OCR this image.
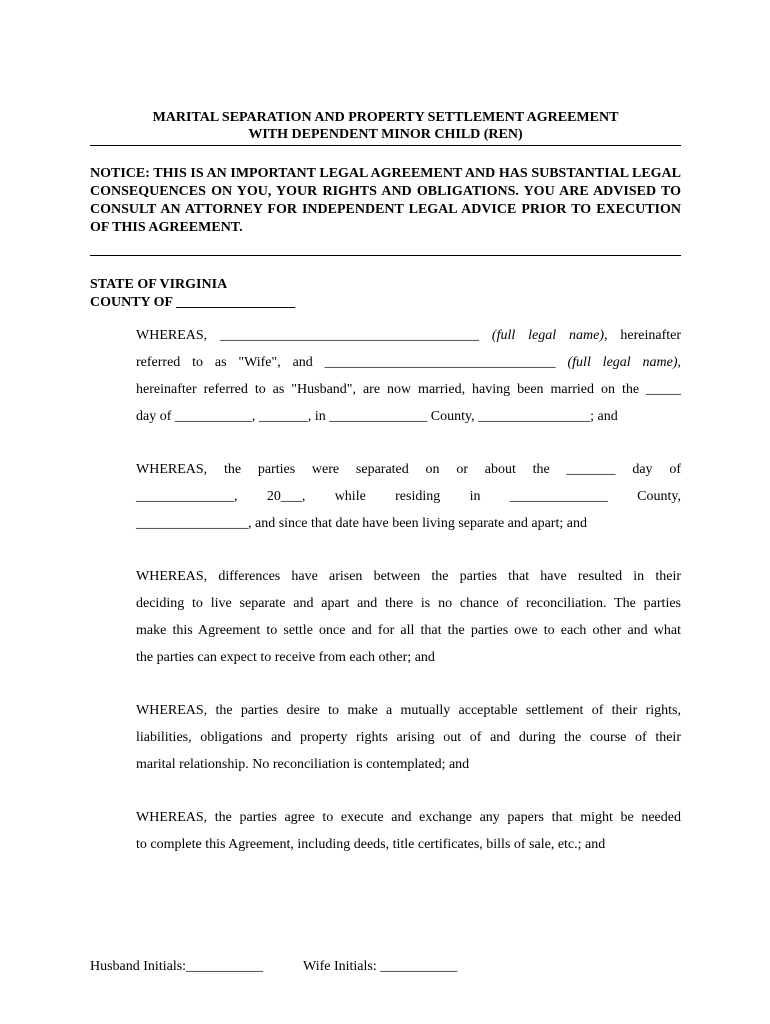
MARITAL SEPARATION AND PROPERTY SETTLEMENT AGREEMENT
WITH DEPENDENT MINOR CHILD (REN)
NOTICE: THIS IS AN IMPORTANT LEGAL AGREEMENT AND HAS SUBSTANTIAL LEGAL CONSEQUENCES ON YOU, YOUR RIGHTS AND OBLIGATIONS. YOU ARE ADVISED TO CONSULT AN ATTORNEY FOR INDEPENDENT LEGAL ADVICE PRIOR TO EXECUTION OF THIS AGREEMENT.
STATE OF VIRGINIA
COUNTY OF _________________
WHEREAS, _____________________________________ (full legal name), hereinafter
referred to as "Wife", and _________________________________ (full legal name),
hereinafter referred to as "Husband", are now married, having been married on the _____
day of ___________, _______, in ______________ County, ________________; and
WHEREAS, the parties were separated on or about the _______ day of
______________, 20___, while residing in ______________ County,
________________, and since that date have been living separate and apart; and
WHEREAS, differences have arisen between the parties that have resulted in their
deciding to live separate and apart and there is no chance of reconciliation. The parties
make this Agreement to settle once and for all that the parties owe to each other and what
the parties can expect to receive from each other; and
WHEREAS, the parties desire to make a mutually acceptable settlement of their rights,
liabilities, obligations and property rights arising out of and during the course of their
marital relationship. No reconciliation is contemplated; and
WHEREAS, the parties agree to execute and exchange any papers that might be needed
to complete this Agreement, including deeds, title certificates, bills of sale, etc.; and
Husband Initials:___________	Wife Initials: ___________
